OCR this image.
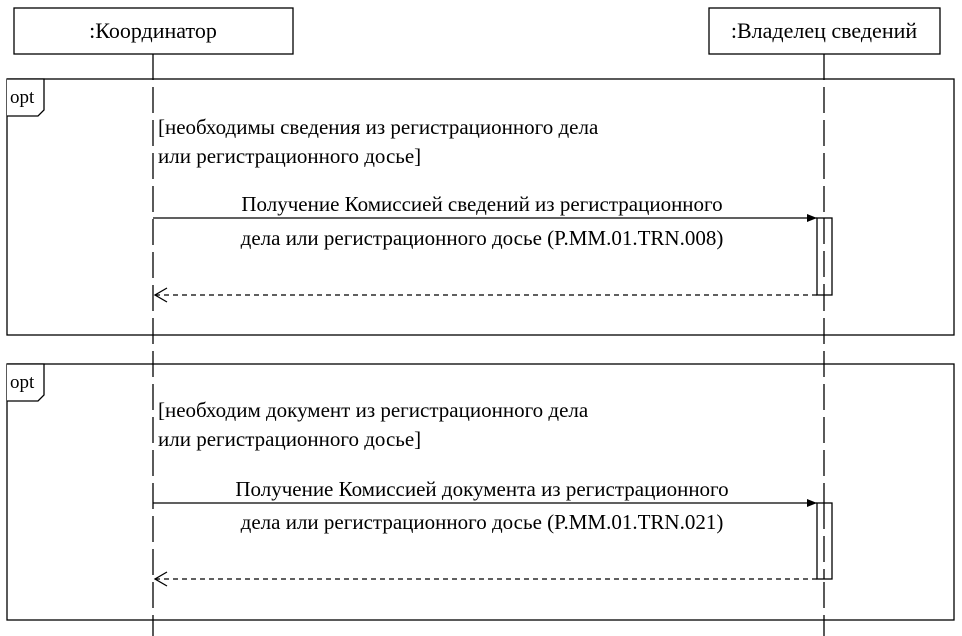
:Координатор	:Владелец сведений
opt
[необходимы сведения из регистрационного дела
или регистрационного досье]
Получение Комиссией сведений из регистрационного
дела или регистрационного досье (P.MM.01.TRN.008)
opt
[необходим документ из регистрационного дела
или регистрационного досье]
Получение Комиссией документа из регистрационного
дела или регистрационного досье (P.MM.01.TRN.021)
